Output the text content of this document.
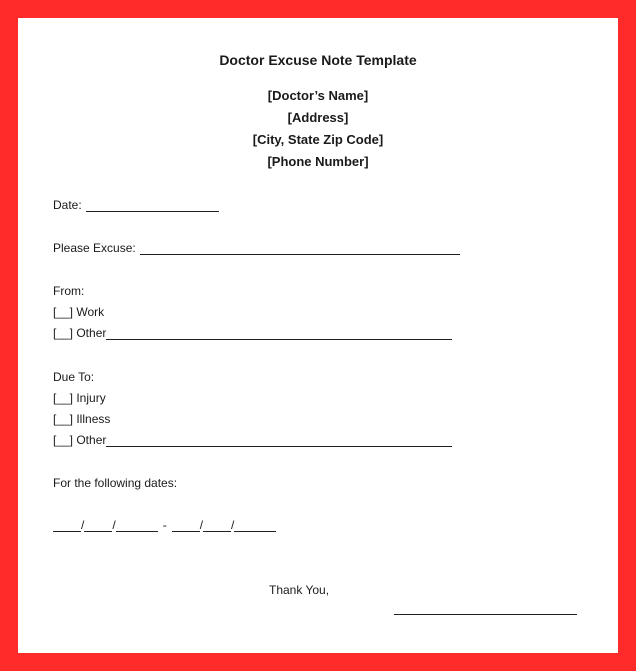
Doctor Excuse Note Template
[Doctor’s Name]
[Address]
[City, State Zip Code]
[Phone Number]
Date:
Please Excuse:
From:
[__] Work
[__] Other
Due To:
[__] Injury
[__] Illness
[__] Other
For the following dates:
/ /	-	/ /
Thank You,
